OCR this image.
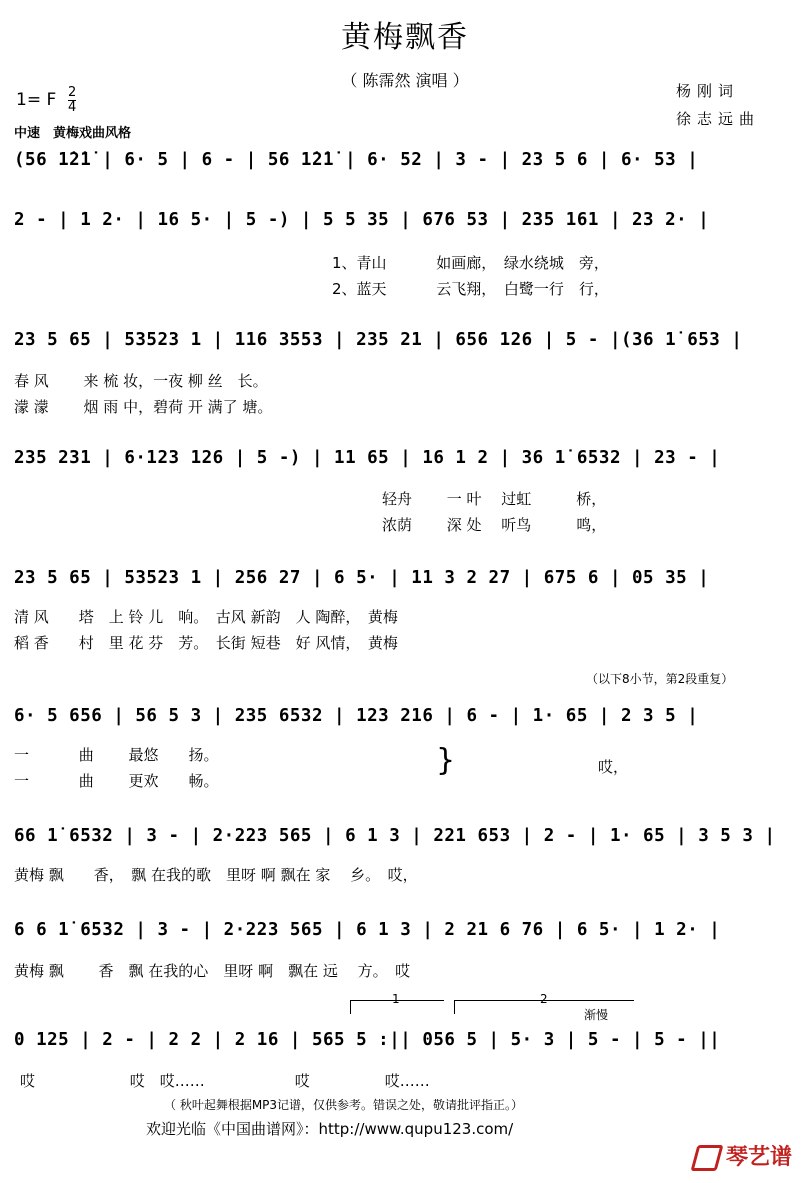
黄梅飘香
（ 陈霈然 演唱 ）
1= F $\frac{2}{4}$
中速　黄梅戏曲风格
杨刚词
徐志远曲
(56 1̇2̇1̇ | 6· 5 | 6 - | 56 1̇2̇1̇ | 6· 52 | 3 - | 23 5 6 | 6· 53 |
2 - | 1 2· | 16 5· | 5 -) | 5 5 35 | 676 53 | 235 161 | 23 2· |
1、青山　　　 如画廊，　绿水绕城　旁，
2、蓝天　　　 云飞翔，　白鹭一行　行，
23 5 65 | 53523 1 | 116 3553 | 235 21 | 656 126 | 5 - |(36 1̇ 653 |
春 风　　 来 梳 妆，一夜 柳 丝　长。
濛 濛　　 烟 雨 中，碧荷 开 满了 塘。
235 231 | 6·123 126 | 5 -) | 11 65 | 16 1 2 | 36 1̇ 6532 | 23 - |
轻舟　　 一 叶　 过虹　　　桥，
浓荫　　 深 处　 听鸟　　　鸣，
23 5 65 | 53523 1 | 256 27 | 6 5· | 11 3 2 27 | 675 6 | 05 35 |
清 风　　塔　上 铃 儿　响。　古风 新韵　人 陶醉，　黄梅
稻 香　　村　里 花 芬　芳。　长街 短巷　好 风情，　黄梅
（以下8小节，第2段重复）
6· 5 656 | 56 5 3 | 235 6532 | 123 216 | 6 - | 1· 65 | 2 3 5 |
一　　　 曲　　 最悠　　扬。
一　　　 曲　　 更欢　　畅。
}	哎，
66 1̇ 6532 | 3 - | 2·223 565 | 6 1 3 | 221 653 | 2 - | 1· 65 | 3 5 3 |
黄梅 飘　　香，　飘 在我的歌　里呀 啊 飘在 家　 乡。　哎，
6 6 1̇ 6532 | 3 - | 2·223 565 | 6 1 3 | 2 21 6 76 | 6 5· | 1 2· |
黄梅 飘　　 香　飘 在我的心　里呀 啊　飘在 远　 方。　哎
1	2
渐慢
0 125 | 2 - | 2 2 | 2 16 | 565 5 :|| 056 5 | 5· 3 | 5 - | 5 - ||
哎　　　　　　 哎　哎……　　　　　　哎　　　　　哎……
（ 秋叶起舞根据MP3记谱，仅供参考。错误之处，敬请批评指正。）
欢迎光临《中国曲谱网》：http://www.qupu123.com/

琴艺谱
